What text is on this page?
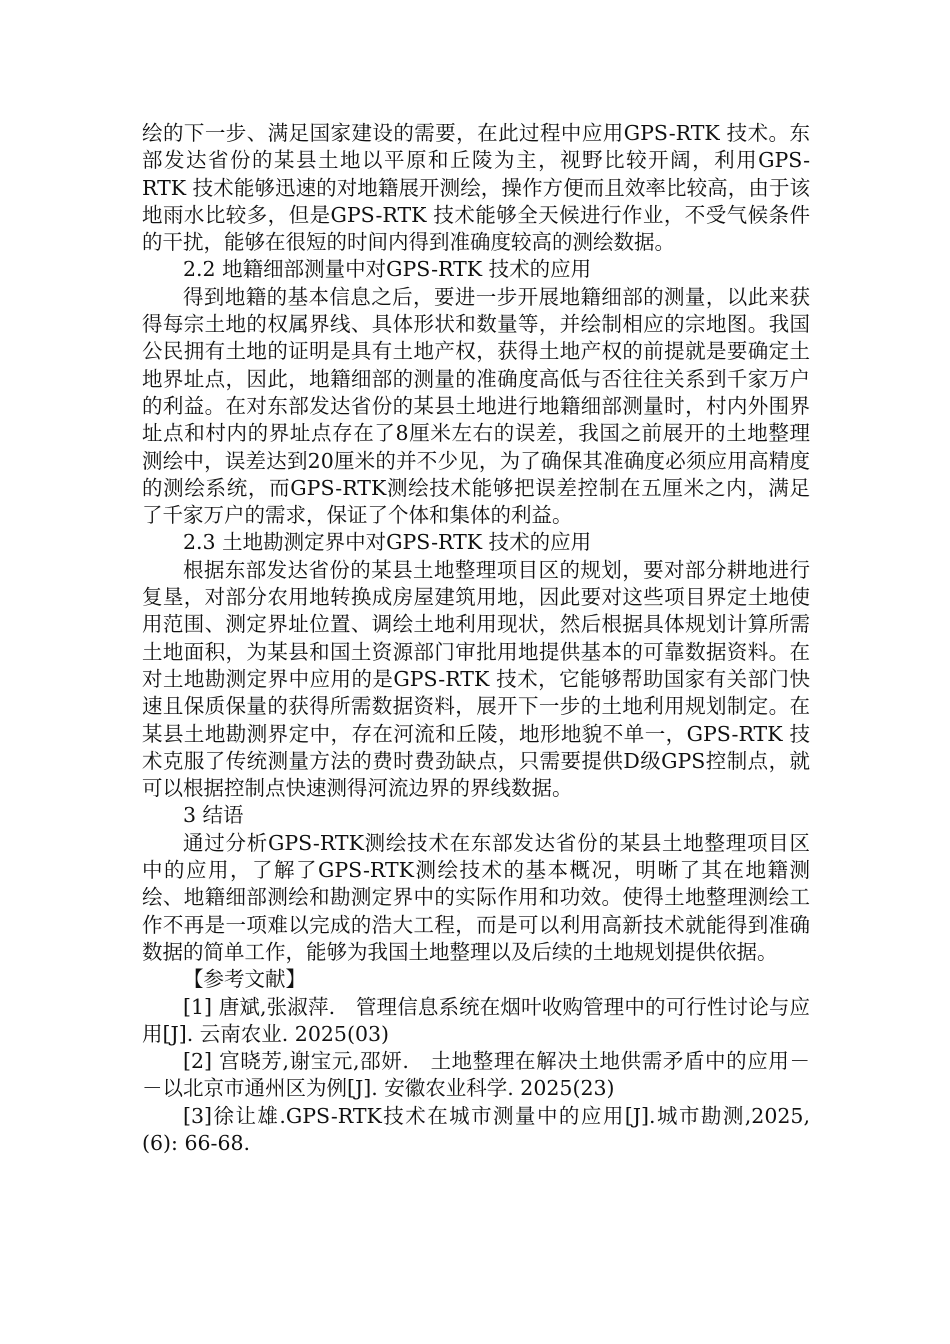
绘的下一步、满足国家建设的需要，在此过程中应用GPS-RTK 技术。东部发达省份的某县土地以平原和丘陵为主，视野比较开阔，利用GPS-RTK 技术能够迅速的对地籍展开测绘，操作方便而且效率比较高，由于该地雨水比较多，但是GPS-RTK 技术能够全天候进行作业，不受气候条件的干扰，能够在很短的时间内得到准确度较高的测绘数据。

2.2 地籍细部测量中对GPS-RTK 技术的应用

得到地籍的基本信息之后，要进一步开展地籍细部的测量，以此来获得每宗土地的权属界线、具体形状和数量等，并绘制相应的宗地图。我国公民拥有土地的证明是具有土地产权，获得土地产权的前提就是要确定土地界址点，因此，地籍细部的测量的准确度高低与否往往关系到千家万户的利益。在对东部发达省份的某县土地进行地籍细部测量时，村内外围界址点和村内的界址点存在了8厘米左右的误差，我国之前展开的土地整理测绘中，误差达到20厘米的并不少见，为了确保其准确度必须应用高精度的测绘系统，而GPS-RTK测绘技术能够把误差控制在五厘米之内，满足了千家万户的需求，保证了个体和集体的利益。

2.3 土地勘测定界中对GPS-RTK 技术的应用

根据东部发达省份的某县土地整理项目区的规划，要对部分耕地进行复垦，对部分农用地转换成房屋建筑用地，因此要对这些项目界定土地使用范围、测定界址位置、调绘土地利用现状，然后根据具体规划计算所需土地面积，为某县和国土资源部门审批用地提供基本的可靠数据资料。在对土地勘测定界中应用的是GPS-RTK 技术，它能够帮助国家有关部门快速且保质保量的获得所需数据资料，展开下一步的土地利用规划制定。在某县土地勘测界定中，存在河流和丘陵，地形地貌不单一，GPS-RTK 技术克服了传统测量方法的费时费劲缺点，只需要提供D级GPS控制点，就可以根据控制点快速测得河流边界的界线数据。

3 结语

通过分析GPS-RTK测绘技术在东部发达省份的某县土地整理项目区中的应用，了解了GPS-RTK测绘技术的基本概况，明晰了其在地籍测绘、地籍细部测绘和勘测定界中的实际作用和功效。使得土地整理测绘工作不再是一项难以完成的浩大工程，而是可以利用高新技术就能得到准确数据的简单工作，能够为我国土地整理以及后续的土地规划提供依据。

【参考文献】

[1] 唐斌,张淑萍.　管理信息系统在烟叶收购管理中的可行性讨论与应用[J]. 云南农业. 2025(03)

[2] 宫晓芳,谢宝元,邵妍.　土地整理在解决土地供需矛盾中的应用－－以北京市通州区为例[J]. 安徽农业科学. 2025(23)

[3]徐让雄.GPS-RTK技术在城市测量中的应用[J].城市勘测,2025,(6): 66-68.
